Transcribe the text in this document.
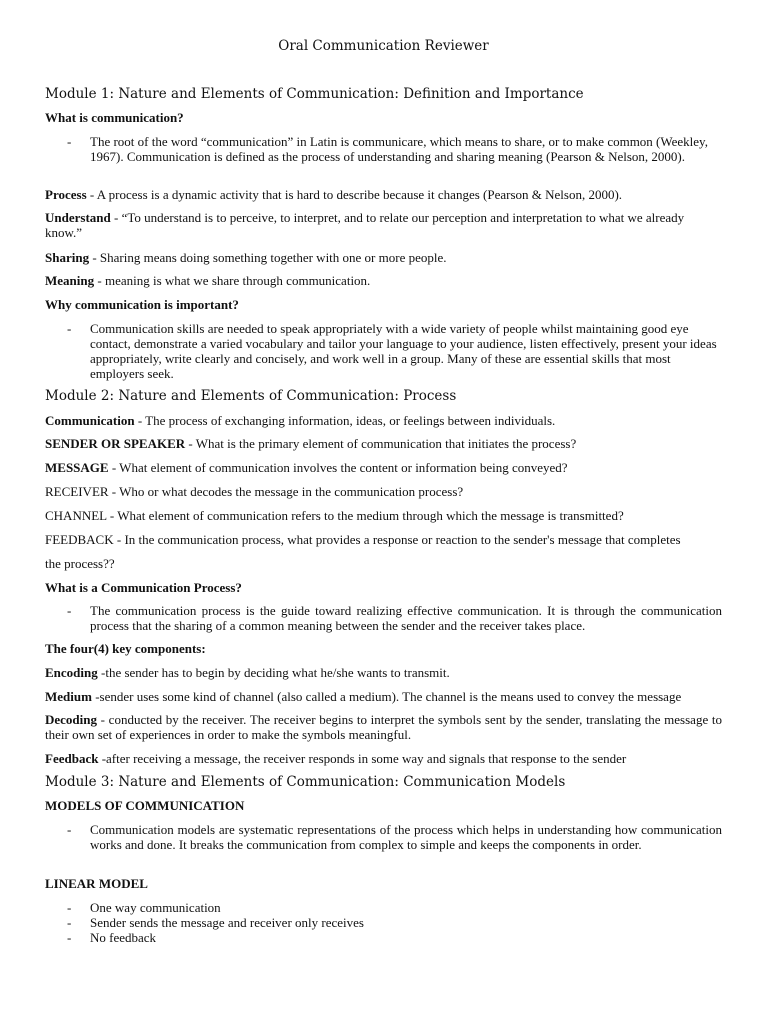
Oral Communication Reviewer
Module 1: Nature and Elements of Communication: Definition and Importance
What is communication?
- The root of the word “communication” in Latin is communicare, which means to share, or to make common (Weekley, 1967). Communication is defined as the process of understanding and sharing meaning (Pearson & Nelson, 2000).
Process - A process is a dynamic activity that is hard to describe because it changes (Pearson & Nelson, 2000).
Understand - “To understand is to perceive, to interpret, and to relate our perception and interpretation to what we already know.”
Sharing - Sharing means doing something together with one or more people.
Meaning - meaning is what we share through communication.
Why communication is important?
- Communication skills are needed to speak appropriately with a wide variety of people whilst maintaining good eye contact, demonstrate a varied vocabulary and tailor your language to your audience, listen effectively, present your ideas appropriately, write clearly and concisely, and work well in a group. Many of these are essential skills that most employers seek.
Module 2: Nature and Elements of Communication: Process
Communication - The process of exchanging information, ideas, or feelings between individuals.
SENDER OR SPEAKER - What is the primary element of communication that initiates the process?
MESSAGE - What element of communication involves the content or information being conveyed?
RECEIVER - Who or what decodes the message in the communication process?
CHANNEL - What element of communication refers to the medium through which the message is transmitted?
FEEDBACK - In the communication process, what provides a response or reaction to the sender's message that completes
the process??
What is a Communication Process?
- The communication process is the guide toward realizing effective communication. It is through the communication process that the sharing of a common meaning between the sender and the receiver takes place.
The four(4) key components:
Encoding -the sender has to begin by deciding what he/she wants to transmit.
Medium -sender uses some kind of channel (also called a medium). The channel is the means used to convey the message
Decoding - conducted by the receiver. The receiver begins to interpret the symbols sent by the sender, translating the message to their own set of experiences in order to make the symbols meaningful.
Feedback -after receiving a message, the receiver responds in some way and signals that response to the sender
Module 3: Nature and Elements of Communication: Communication Models
MODELS OF COMMUNICATION
- Communication models are systematic representations of the process which helps in understanding how communication works and done. It breaks the communication from complex to simple and keeps the components in order.
LINEAR MODEL
- One way communication
- Sender sends the message and receiver only receives
- No feedback
